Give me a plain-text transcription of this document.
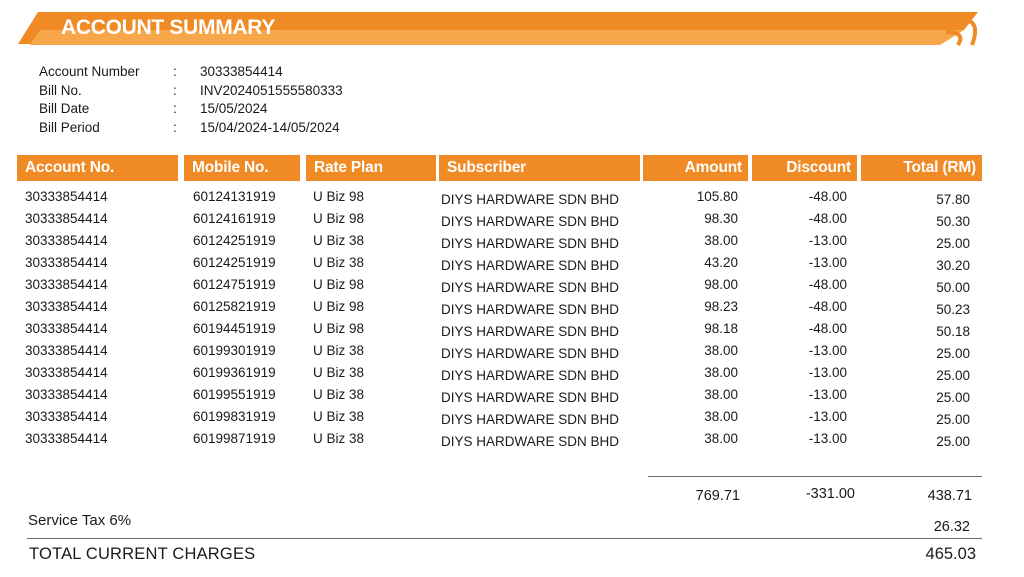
ACCOUNT SUMMARY
Account Number : 30333854414
Bill No.	: INV2024051555580333
Bill Date	: 15/05/2024
Bill Period	: 15/04/2024-14/05/2024
Account No.	Mobile No.	Rate Plan	Subscriber	Amount	Discount	Total (RM)
30333854414	60124131919	U Biz 98	DIYS HARDWARE SDN BHD	105.80	-48.00	57.80
30333854414	60124161919	U Biz 98	DIYS HARDWARE SDN BHD	98.30	-48.00	50.30
30333854414	60124251919	U Biz 38	DIYS HARDWARE SDN BHD	38.00	-13.00	25.00
30333854414	60124251919	U Biz 38	DIYS HARDWARE SDN BHD	43.20	-13.00	30.20
30333854414	60124751919	U Biz 98	DIYS HARDWARE SDN BHD	98.00	-48.00	50.00
30333854414	60125821919	U Biz 98	DIYS HARDWARE SDN BHD	98.23	-48.00	50.23
30333854414	60194451919	U Biz 98	DIYS HARDWARE SDN BHD	98.18	-48.00	50.18
30333854414	60199301919	U Biz 38	DIYS HARDWARE SDN BHD	38.00	-13.00	25.00
30333854414	60199361919	U Biz 38	DIYS HARDWARE SDN BHD	38.00	-13.00	25.00
30333854414	60199551919	U Biz 38	DIYS HARDWARE SDN BHD	38.00	-13.00	25.00
30333854414	60199831919	U Biz 38	DIYS HARDWARE SDN BHD	38.00	-13.00	25.00
30333854414	60199871919	U Biz 38	DIYS HARDWARE SDN BHD	38.00	-13.00	25.00
769.71	-331.00	438.71
Service Tax 6%	26.32
TOTAL CURRENT CHARGES	465.03
